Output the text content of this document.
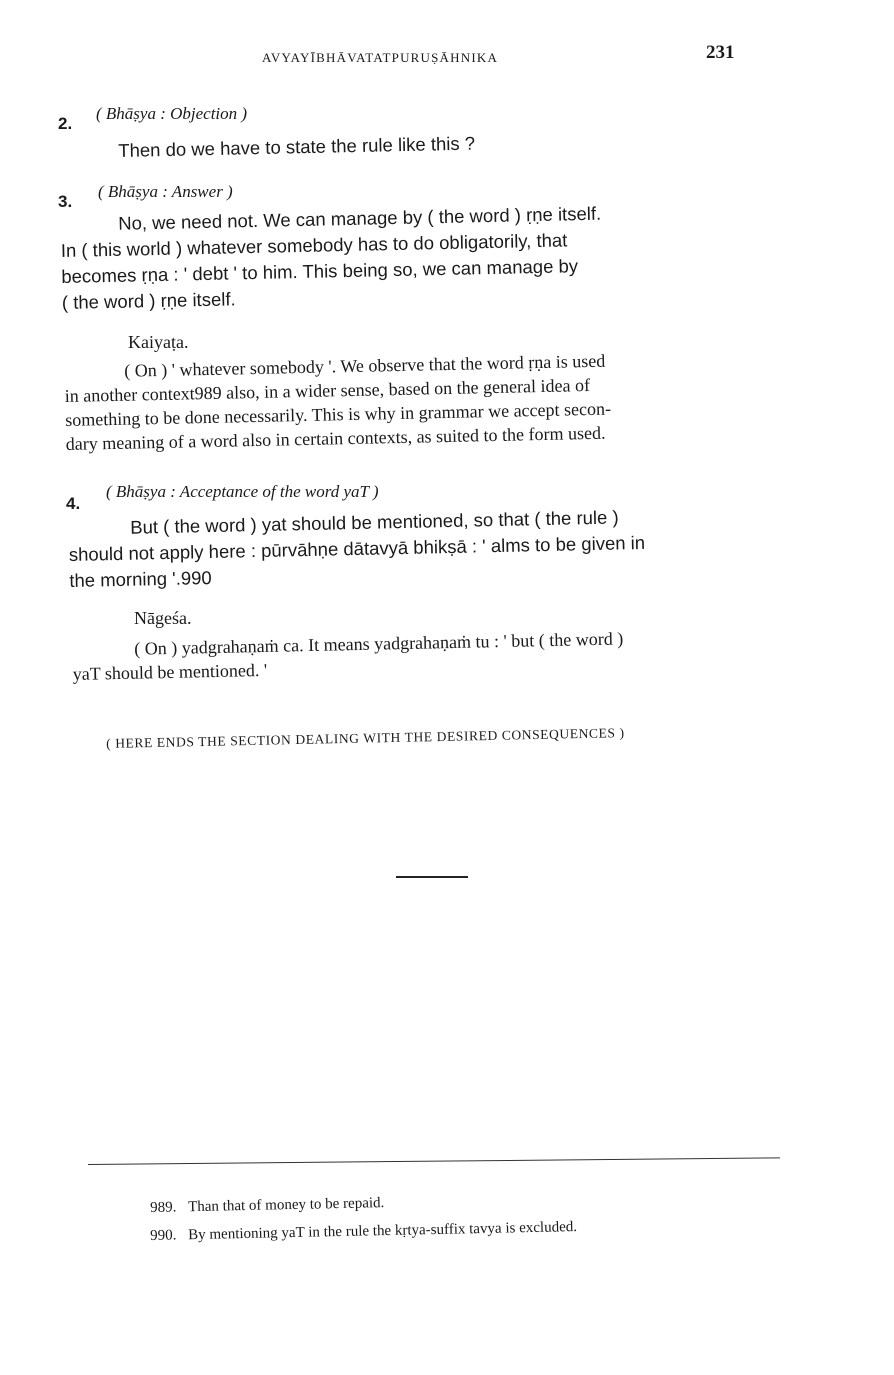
AVYAYĪBHĀVATATPURUṢĀHNIKA	231
2.
( Bhāṣya : Objection )
Then do we have to state the rule like this ?
3.
( Bhāṣya : Answer )
No, we need not. We can manage by ( the word ) ṛṇe itself.
In ( this world ) whatever somebody has to do obligatorily, that
becomes ṛṇa : ' debt ' to him. This being so, we can manage by
( the word ) ṛṇe itself.
Kaiyaṭa.
( On ) ' whatever somebody '. We observe that the word ṛṇa is used
in another context989 also, in a wider sense, based on the general idea of
something to be done necessarily. This is why in grammar we accept secon-
dary meaning of a word also in certain contexts, as suited to the form used.
4.
( Bhāṣya : Acceptance of the word yaT )
But ( the word ) yat should be mentioned, so that ( the rule )
should not apply here : pūrvāhṇe dātavyā bhikṣā : ' alms to be given in
the morning '.990
Nāgeśa.
( On ) yadgrahaṇaṁ ca. It means yadgrahaṇaṁ tu : ' but ( the word )
yaT should be mentioned. '
( HERE ENDS THE SECTION DEALING WITH THE DESIRED CONSEQUENCES )
989. Than that of money to be repaid.
990. By mentioning yaT in the rule the kṛtya-suffix tavya is excluded.
